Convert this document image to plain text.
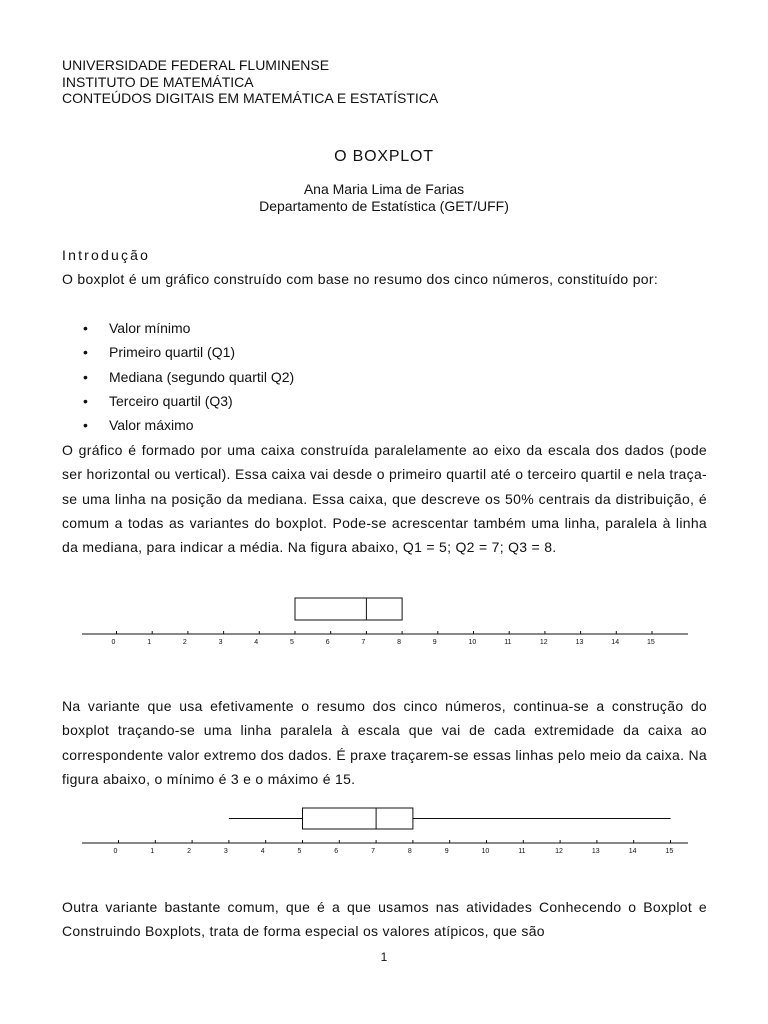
UNIVERSIDADE FEDERAL FLUMINENSE
INSTITUTO DE MATEMÁTICA
CONTEÚDOS DIGITAIS EM MATEMÁTICA E ESTATÍSTICA
O BOXPLOT
Ana Maria Lima de Farias
Departamento de Estatística (GET/UFF)
Introdução
O boxplot é um gráfico construído com base no resumo dos cinco números, constituído por:
• Valor mínimo
• Primeiro quartil (Q1)
• Mediana (segundo quartil Q2)
• Terceiro quartil (Q3)
• Valor máximo
O gráfico é formado por uma caixa construída paralelamente ao eixo da escala dos dados (pode ser horizontal ou vertical). Essa caixa vai desde o primeiro quartil até o terceiro quartil e nela traça-se uma linha na posição da mediana. Essa caixa, que descreve os 50% centrais da distribuição, é comum a todas as variantes do boxplot. Pode-se acrescentar também uma linha, paralela à linha da mediana, para indicar a média. Na figura abaixo, Q1 = 5; Q2 = 7; Q3 = 8.
0	1	2	3	4	5	6	7	8	9	10	11	12	13	14	15
Na variante que usa efetivamente o resumo dos cinco números, continua-se a construção do boxplot traçando-se uma linha paralela à escala que vai de cada extremidade da caixa ao correspondente valor extremo dos dados. É praxe traçarem-se essas linhas pelo meio da caixa. Na figura abaixo, o mínimo é 3 e o máximo é 15.
0	1	2	3	4	5	6	7	8	9	10	11	12	13	14	15
Outra variante bastante comum, que é a que usamos nas atividades Conhecendo o Boxplot e Construindo Boxplots, trata de forma especial os valores atípicos, que são
1
